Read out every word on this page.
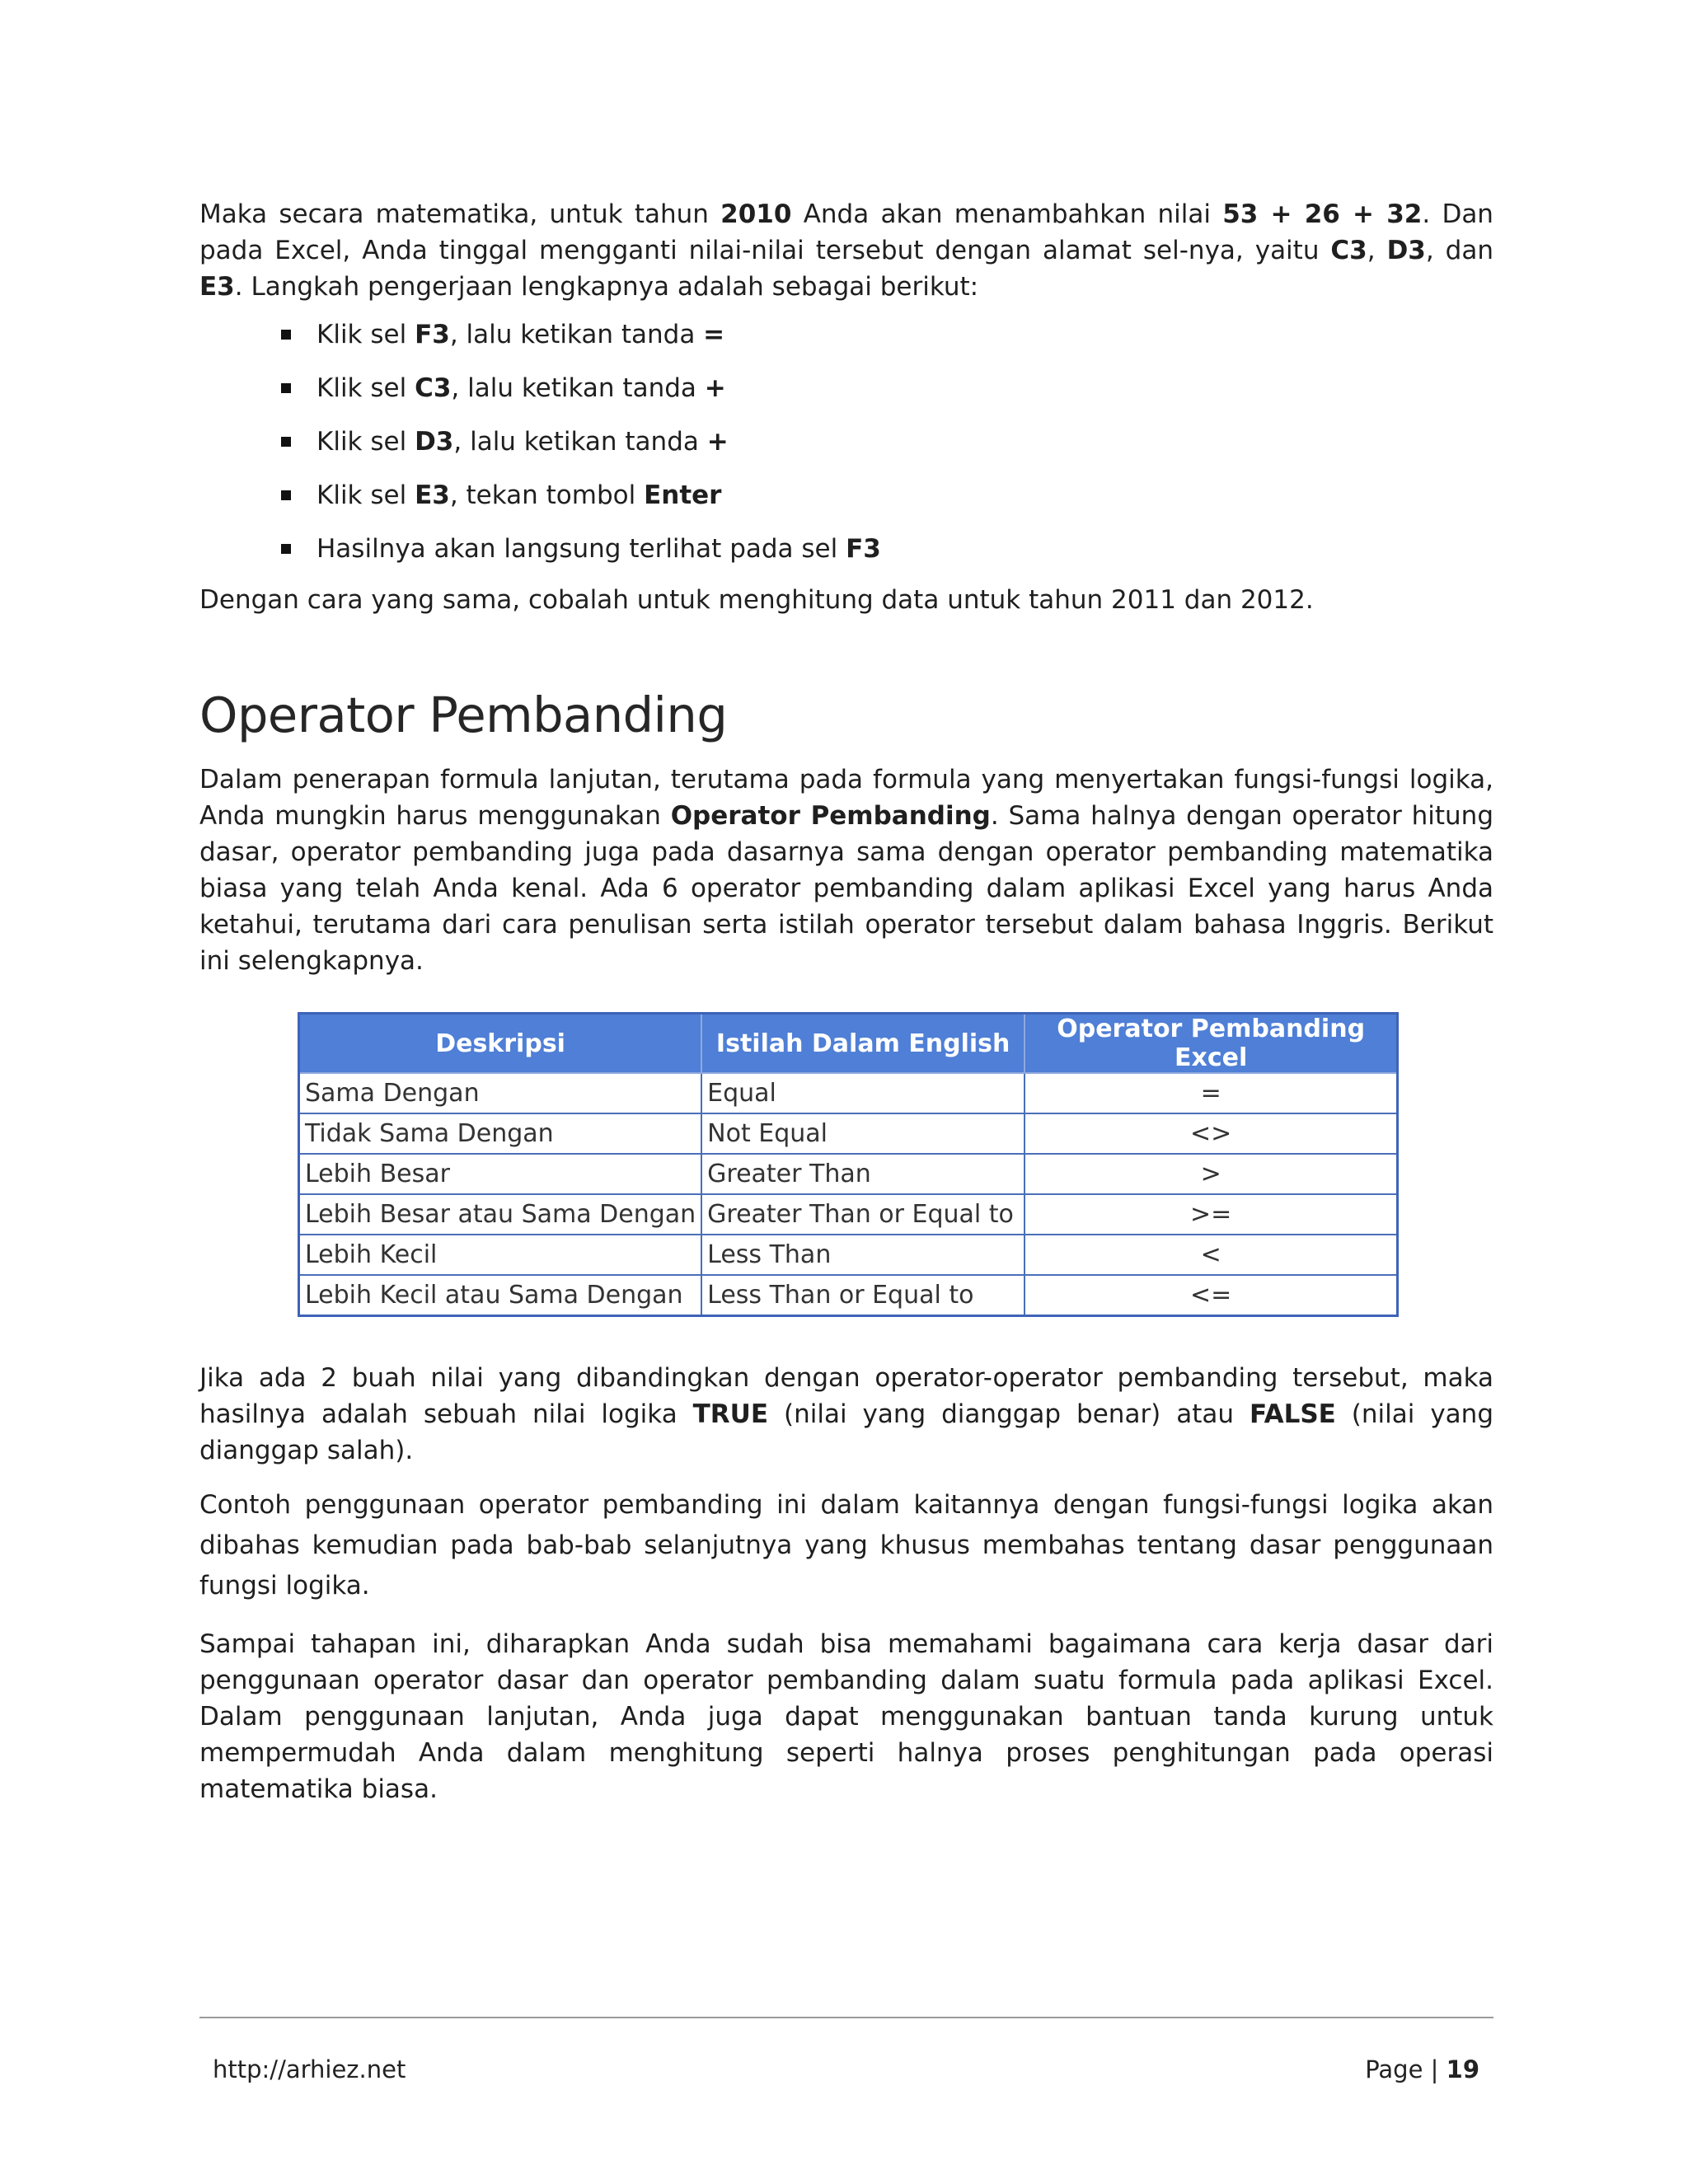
Maka secara matematika, untuk tahun 2010 Anda akan menambahkan nilai 53 + 26 + 32. Dan pada Excel, Anda tinggal mengganti nilai-nilai tersebut dengan alamat sel-nya, yaitu C3, D3, dan E3. Langkah pengerjaan lengkapnya adalah sebagai berikut:

Klik sel F3, lalu ketikan tanda =
Klik sel C3, lalu ketikan tanda +
Klik sel D3, lalu ketikan tanda +
Klik sel E3, tekan tombol Enter
Hasilnya akan langsung terlihat pada sel F3

Dengan cara yang sama, cobalah untuk menghitung data untuk tahun 2011 dan 2012.

Operator Pembanding

Dalam penerapan formula lanjutan, terutama pada formula yang menyertakan fungsi-fungsi logika, Anda mungkin harus menggunakan Operator Pembanding. Sama halnya dengan operator hitung dasar, operator pembanding juga pada dasarnya sama dengan operator pembanding matematika biasa yang telah Anda kenal. Ada 6 operator pembanding dalam aplikasi Excel yang harus Anda ketahui, terutama dari cara penulisan serta istilah operator tersebut dalam bahasa Inggris. Berikut ini selengkapnya.

Deskripsi	Istilah Dalam English	Operator Pembanding Excel
Sama Dengan	Equal	=
Tidak Sama Dengan	Not Equal	<>
Lebih Besar	Greater Than	>
Lebih Besar atau Sama Dengan	Greater Than or Equal to	>=
Lebih Kecil	Less Than	<
Lebih Kecil atau Sama Dengan	Less Than or Equal to	<=

Jika ada 2 buah nilai yang dibandingkan dengan operator-operator pembanding tersebut, maka hasilnya adalah sebuah nilai logika TRUE (nilai yang dianggap benar) atau FALSE (nilai yang dianggap salah).

Contoh penggunaan operator pembanding ini dalam kaitannya dengan fungsi-fungsi logika akan dibahas kemudian pada bab-bab selanjutnya yang khusus membahas tentang dasar penggunaan fungsi logika.

Sampai tahapan ini, diharapkan Anda sudah bisa memahami bagaimana cara kerja dasar dari penggunaan operator dasar dan operator pembanding dalam suatu formula pada aplikasi Excel. Dalam penggunaan lanjutan, Anda juga dapat menggunakan bantuan tanda kurung untuk mempermudah Anda dalam menghitung seperti halnya proses penghitungan pada operasi matematika biasa.

http://arhiez.net	Page | 19
